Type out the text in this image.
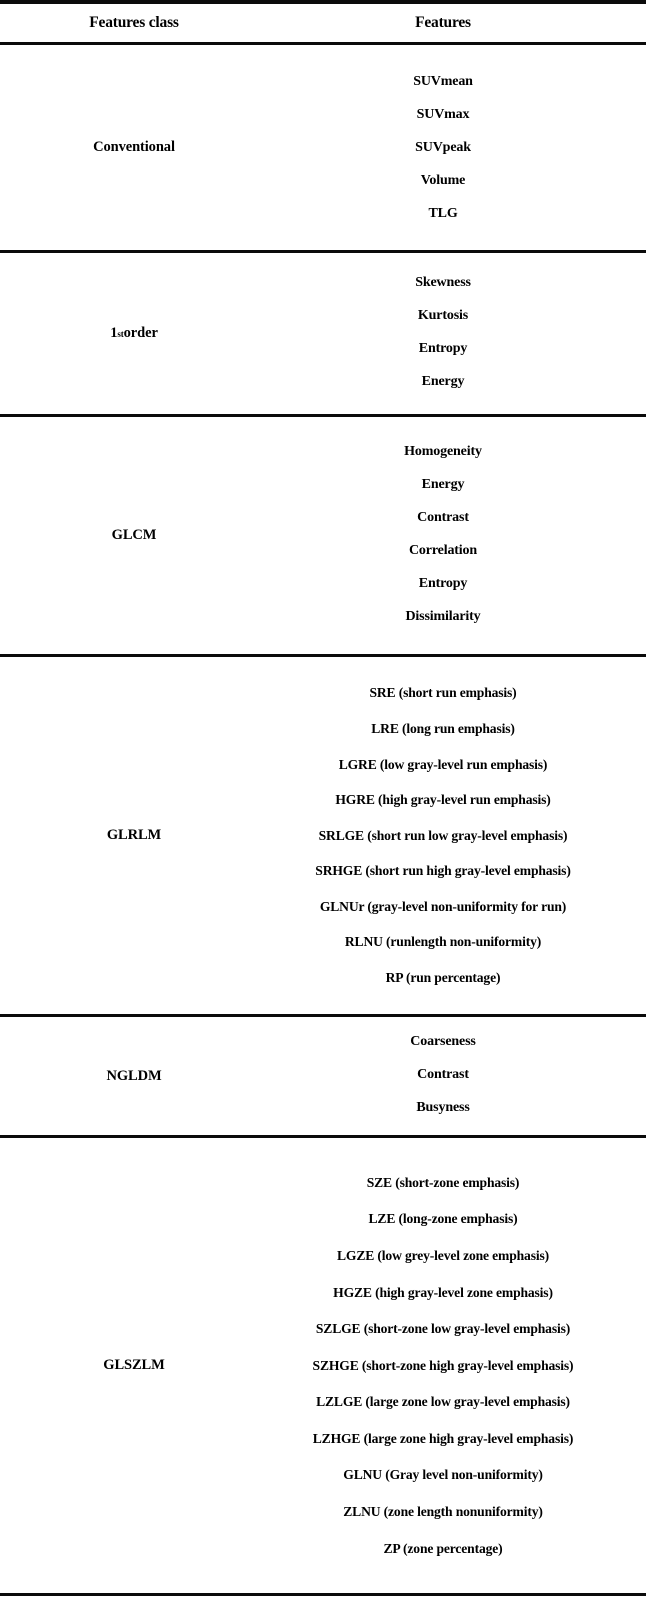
Features class	Features
Conventional
SUVmean
SUVmax
SUVpeak
Volume
TLG
1 st order
Skewness
Kurtosis
Entropy
Energy
GLCM
Homogeneity
Energy
Contrast
Correlation
Entropy
Dissimilarity
GLRLM
SRE (short run emphasis)
LRE (long run emphasis)
LGRE (low gray-level run emphasis)
HGRE (high gray-level run emphasis)
SRLGE (short run low gray-level emphasis)
SRHGE (short run high gray-level emphasis)
GLNUr (gray-level non-uniformity for run)
RLNU (runlength non-uniformity)
RP (run percentage)
NGLDM
Coarseness
Contrast
Busyness
GLSZLM
SZE (short-zone emphasis)
LZE (long-zone emphasis)
LGZE (low grey-level zone emphasis)
HGZE (high gray-level zone emphasis)
SZLGE (short-zone low gray-level emphasis)
SZHGE (short-zone high gray-level emphasis)
LZLGE (large zone low gray-level emphasis)
LZHGE (large zone high gray-level emphasis)
GLNU (Gray level non-uniformity)
ZLNU (zone length nonuniformity)
ZP (zone percentage)
